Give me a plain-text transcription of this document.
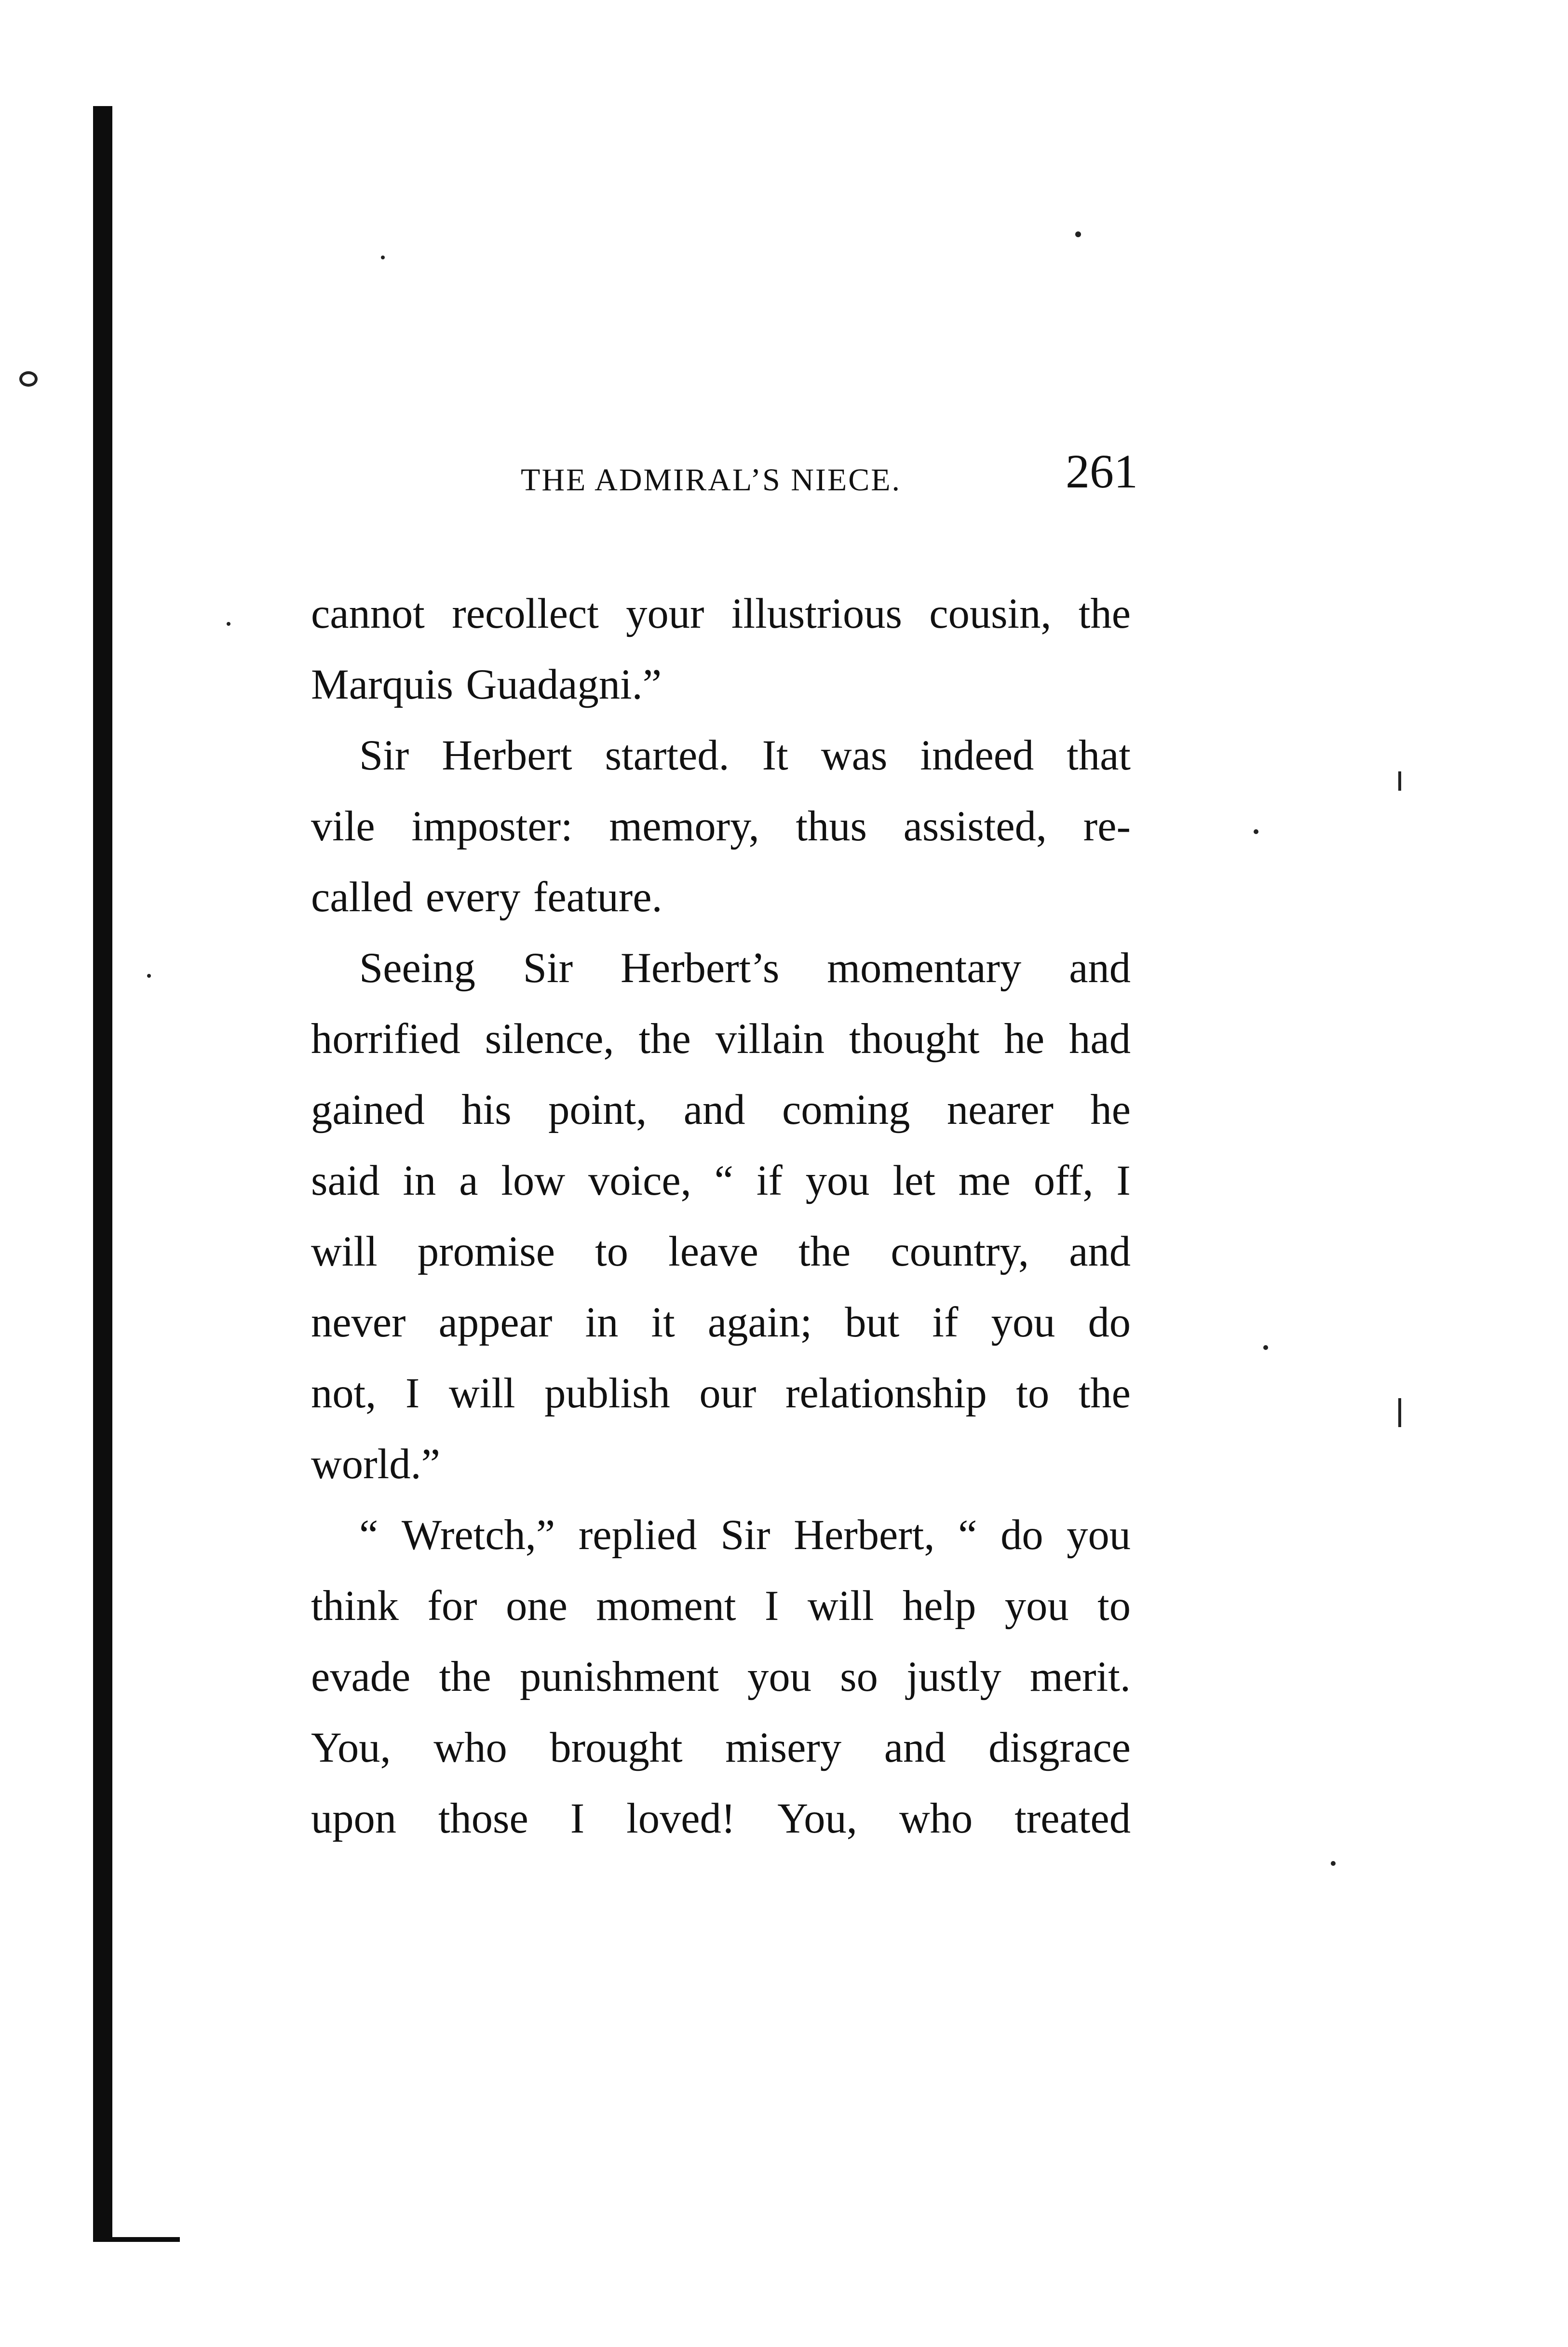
THE ADMIRAL’S NIECE.	261
cannot recollect your illustrious cousin, the
Marquis Guadagni.”
Sir Herbert started. It was indeed that
vile imposter: memory, thus assisted, re-
called every feature.
Seeing Sir Herbert’s momentary and
horrified silence, the villain thought he had
gained his point, and coming nearer he
said in a low voice, “ if you let me off, I
will promise to leave the country, and
never appear in it again; but if you do
not, I will publish our relationship to the
world.”
“ Wretch,” replied Sir Herbert, “ do you
think for one moment I will help you to
evade the punishment you so justly merit.
You, who brought misery and disgrace
upon those I loved! You, who treated
